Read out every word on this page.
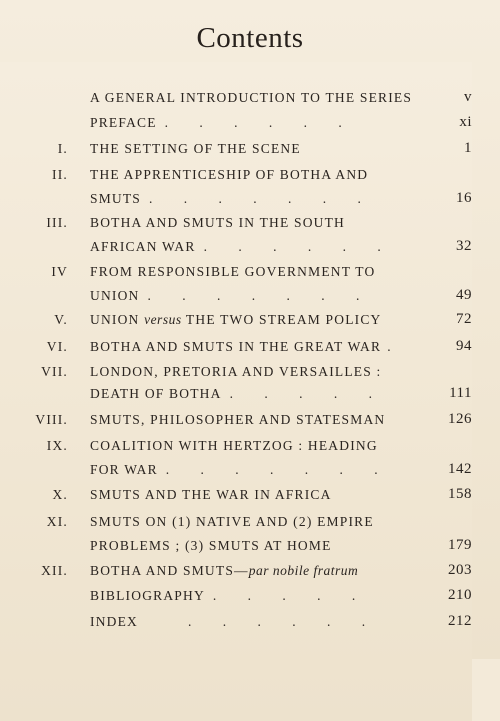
Contents
A GENERAL INTRODUCTION TO THE SERIES	v
PREFACE . . . . . .	xi
I. THE SETTING OF THE SCENE	1
II. THE APPRENTICESHIP OF BOTHA AND
SMUTS . . . . . . .	16
III. BOTHA AND SMUTS IN THE SOUTH
AFRICAN WAR . . . . . .	32
IV FROM RESPONSIBLE GOVERNMENT TO
UNION . . . . . . .	49
V. UNION versus THE TWO STREAM POLICY	72
VI. BOTHA AND SMUTS IN THE GREAT WAR .	94
VII. LONDON, PRETORIA AND VERSAILLES :
DEATH OF BOTHA . . . . .	111
VIII. SMUTS, PHILOSOPHER AND STATESMAN	126
IX. COALITION WITH HERTZOG : HEADING
FOR WAR . . . . . . .	142
X. SMUTS AND THE WAR IN AFRICA	158
XI. SMUTS ON (1) NATIVE AND (2) EMPIRE
PROBLEMS ; (3) SMUTS AT HOME	179
XII. BOTHA AND SMUTS—par nobile fratrum	203
BIBLIOGRAPHY . . . . .	210
INDEX	. . . . . .	212
